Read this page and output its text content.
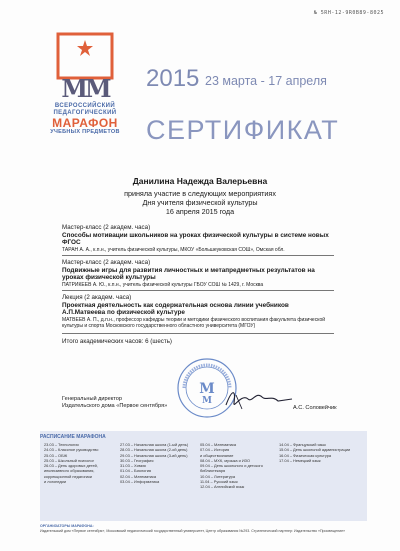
№ 5RH-12-9R0B89-8025
ММ
ВСЕРОССИЙСКИЙ
ПЕДАГОГИЧЕСКИЙ
МАРАФОН
УЧЕБНЫХ ПРЕДМЕТОВ
2015 23 марта - 17 апреля
СЕРТИФИКАТ
Данилина Надежда Валерьевна
приняла участие в следующих мероприятиях
Дня учителя физической культуры
16 апреля 2015 года
Мастер-класс (2 академ. часа)
Способы мотивации школьников на уроках физической культуры в системе новых ФГОС
ТАРАН А. А., к.п.н., учитель физической культуры, МКОУ «Большеуковская СОШ», Омская обл.
Мастер-класс (2 академ. часа)
Подвижные игры для развития личностных и метапредметных результатов на уроках физической культуры
ПАТРИКЕЕВ А. Ю., к.п.н., учитель физической культуры ГБОУ СОШ № 1429, г. Москва
Лекция (2 академ. часа)
Проектная деятельность как содержательная основа линии учебников А.П.Матвеева по физической культуре
МАТВЕЕВ А. П., д.п.н., профессор кафедры теории и методики физического воспитания факультета физической культуры и спорта Московского государственного областного университета (МГОУ)
Итого академических часов: 6 (шесть)
М
М
Генеральный директор
Издательского дома «Первое сентября»	А.С. Соловейчик
РАСПИСАНИЕ МАРАФОНА
23.03 – Технология
24.03 – Классное руководство
25.03 – ОБЖ
25.03 – Школьный психолог
26.03 – День здоровых детей,
инклюзивного образования,
коррекционной педагогики
и логопедии
27.03 – Начальная школа (1-ый день)
28.03 – Начальная школа (2-ой день)
29.03 – Начальная школа (3-ий день)
30.03 – География
31.03 – Химия
01.04 – Биология
02.04 – Математика
03.04 – Информатика
05.04 – Математика
07.04 – История
и обществознание
08.04 – МХК, музыка и ИЗО
09.04 – День школьного и детского
библиотекаря
10.04 – Литература
11.04 – Русский язык
12.04 – Английский язык
14.04 – Французский язык
15.04 – День школьной администрации
16.04 – Физическая культура
17.04 – Немецкий язык
ОРГАНИЗАТОРЫ МАРАФОНА:
Издательский дом «Первое сентября», Московский педагогический государственный университет, Центр образования №293. Стратегический партнер: Издательство «Просвещение»
